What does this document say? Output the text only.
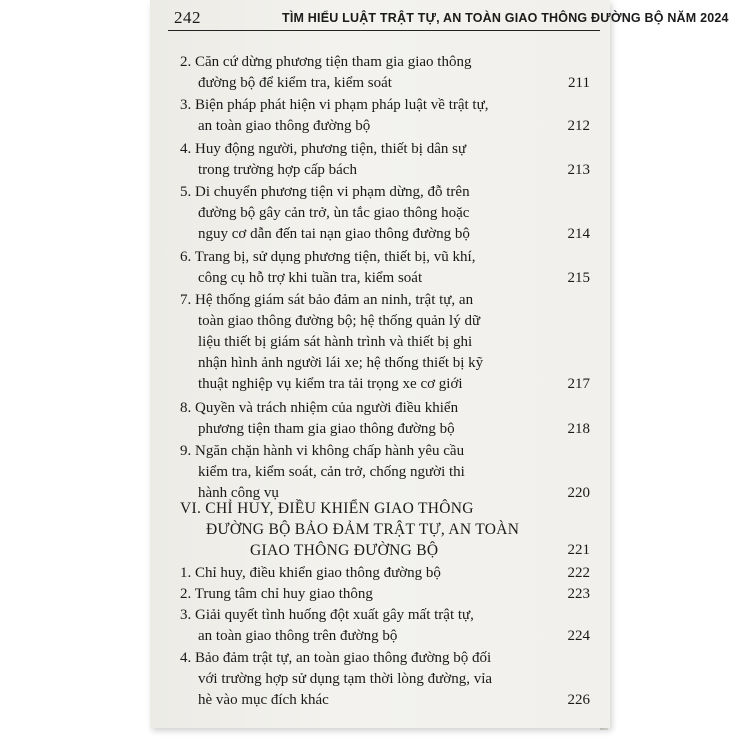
242	TÌM HIỂU LUẬT TRẬT TỰ, AN TOÀN GIAO THÔNG ĐƯỜNG BỘ NĂM 2024
2. Căn cứ dừng phương tiện tham gia giao thông
đường bộ để kiểm tra, kiểm soát	211
3. Biện pháp phát hiện vi phạm pháp luật về trật tự,
an toàn giao thông đường bộ	212
4. Huy động người, phương tiện, thiết bị dân sự
trong trường hợp cấp bách	213
5. Di chuyển phương tiện vi phạm dừng, đỗ trên
đường bộ gây cản trở, ùn tắc giao thông hoặc
nguy cơ dẫn đến tai nạn giao thông đường bộ	214
6. Trang bị, sử dụng phương tiện, thiết bị, vũ khí,
công cụ hỗ trợ khi tuần tra, kiểm soát	215
7. Hệ thống giám sát bảo đảm an ninh, trật tự, an
toàn giao thông đường bộ; hệ thống quản lý dữ
liệu thiết bị giám sát hành trình và thiết bị ghi
nhận hình ảnh người lái xe; hệ thống thiết bị kỹ
thuật nghiệp vụ kiểm tra tải trọng xe cơ giới	217
8. Quyền và trách nhiệm của người điều khiển
phương tiện tham gia giao thông đường bộ	218
9. Ngăn chặn hành vi không chấp hành yêu cầu
kiểm tra, kiểm soát, cản trở, chống người thi
hành công vụ	220
VI. CHỈ HUY, ĐIỀU KHIỂN GIAO THÔNG
ĐƯỜNG BỘ BẢO ĐẢM TRẬT TỰ, AN TOÀN
GIAO THÔNG ĐƯỜNG BỘ	221
1. Chỉ huy, điều khiển giao thông đường bộ	222
2. Trung tâm chỉ huy giao thông	223
3. Giải quyết tình huống đột xuất gây mất trật tự,
an toàn giao thông trên đường bộ	224
4. Bảo đảm trật tự, an toàn giao thông đường bộ đối
với trường hợp sử dụng tạm thời lòng đường, vỉa
hè vào mục đích khác	226
